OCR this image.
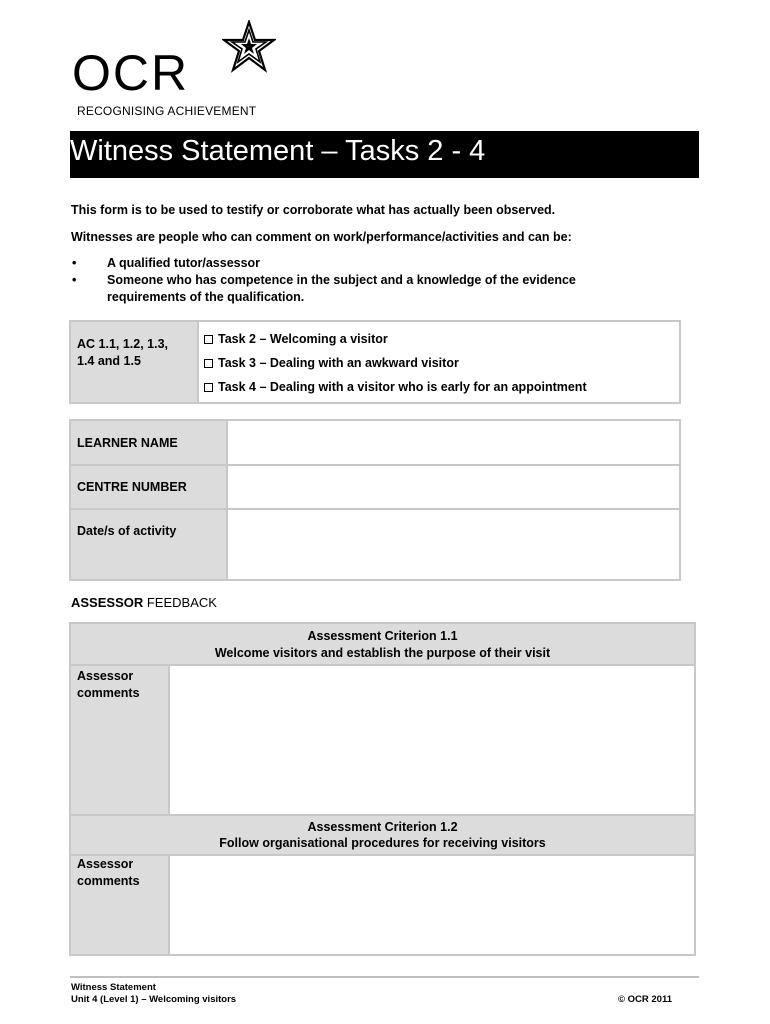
OCR
RECOGNISING ACHIEVEMENT
Witness Statement – Tasks 2 - 4
This form is to be used to testify or corroborate what has actually been observed.
Witnesses are people who can comment on work/performance/activities and can be:
• A qualified tutor/assessor
• Someone who has competence in the subject and a knowledge of the evidence
requirements of the qualification.
AC 1.1, 1.2, 1.3,
1.4 and 1.5
Task 2 – Welcoming a visitor
Task 3 – Dealing with an awkward visitor
Task 4 – Dealing with a visitor who is early for an appointment
LEARNER NAME
CENTRE NUMBER
Date/s of activity
ASSESSOR FEEDBACK
Assessment Criterion 1.1
Welcome visitors and establish the purpose of their visit
Assessor
comments
Assessment Criterion 1.2
Follow organisational procedures for receiving visitors
Assessor
comments
Witness Statement
Unit 4 (Level 1) – Welcoming visitors	© OCR 2011
